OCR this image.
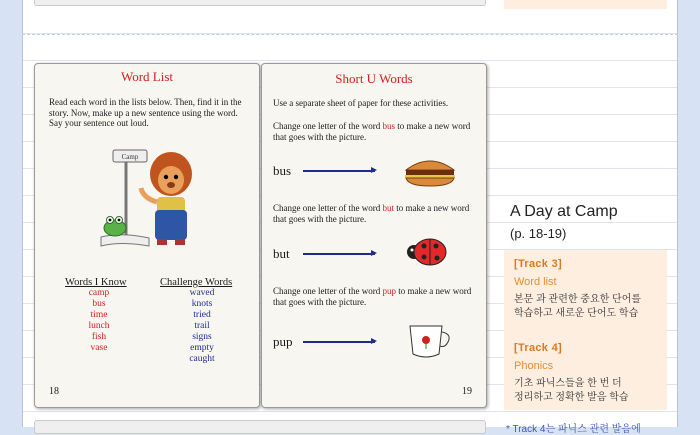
Word List

Read each word in the lists below. Then, find it in the story. Now, make up a new sentence using the word. Say your sentence out loud.

Camp
Words I Know	Challenge Words
camp
bus
time
lunch
fish
vase
waved
knots
tried
trail
signs
empty
caught
18
Short U Words

Use a separate sheet of paper for these activities.

Change one letter of the word bus to make a new word that goes with the picture.

bus

Change one letter of the word but to make a new word that goes with the picture.

but

Change one letter of the word pup to make a new word that goes with the picture.

pup
19
A Day at Camp
(p. 18-19)
[Track 3]
Word list
본문 과 관련한 중요한 단어를
학습하고 새로운 단어도 학습
[Track 4]
Phonics
기초 파닉스들을 한 번 더
정리하고 정확한 발음 학습
* Track 4는 파닉스 관련 발음에
